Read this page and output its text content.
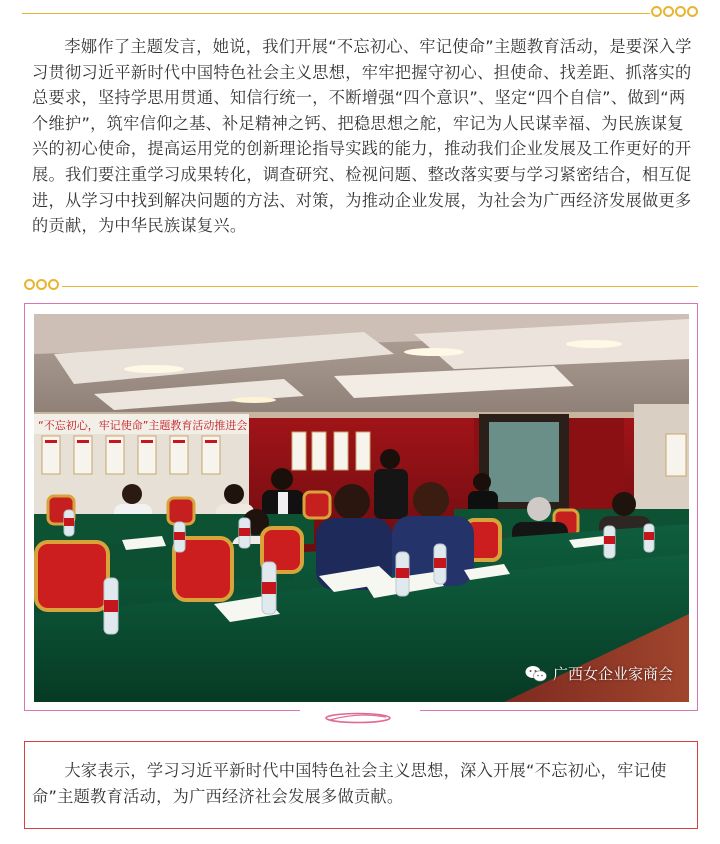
李娜作了主题发言，她说，我们开展“不忘初心、牢记使命”主题教育活动，是要深入学习贯彻习近平新时代中国特色社会主义思想，牢牢把握守初心、担使命、找差距、抓落实的总要求，坚持学思用贯通、知信行统一，不断增强“四个意识”、坚定“四个自信”、做到“两个维护”，筑牢信仰之基、补足精神之钙、把稳思想之舵，牢记为人民谋幸福、为民族谋复兴的初心使命，提高运用党的创新理论指导实践的能力，推动我们企业发展及工作更好的开展。我们要注重学习成果转化，调查研究、检视问题、整改落实要与学习紧密结合，相互促进，从学习中找到解决问题的方法、对策，为推动企业发展，为社会为广西经济发展做更多的贡献，为中华民族谋复兴。

“不忘初心，牢记使命”主题教育活动推进会
广西女企业家商会

大家表示，学习习近平新时代中国特色社会主义思想，深入开展“不忘初心，牢记使命”主题教育活动，为广西经济社会发展多做贡献。
